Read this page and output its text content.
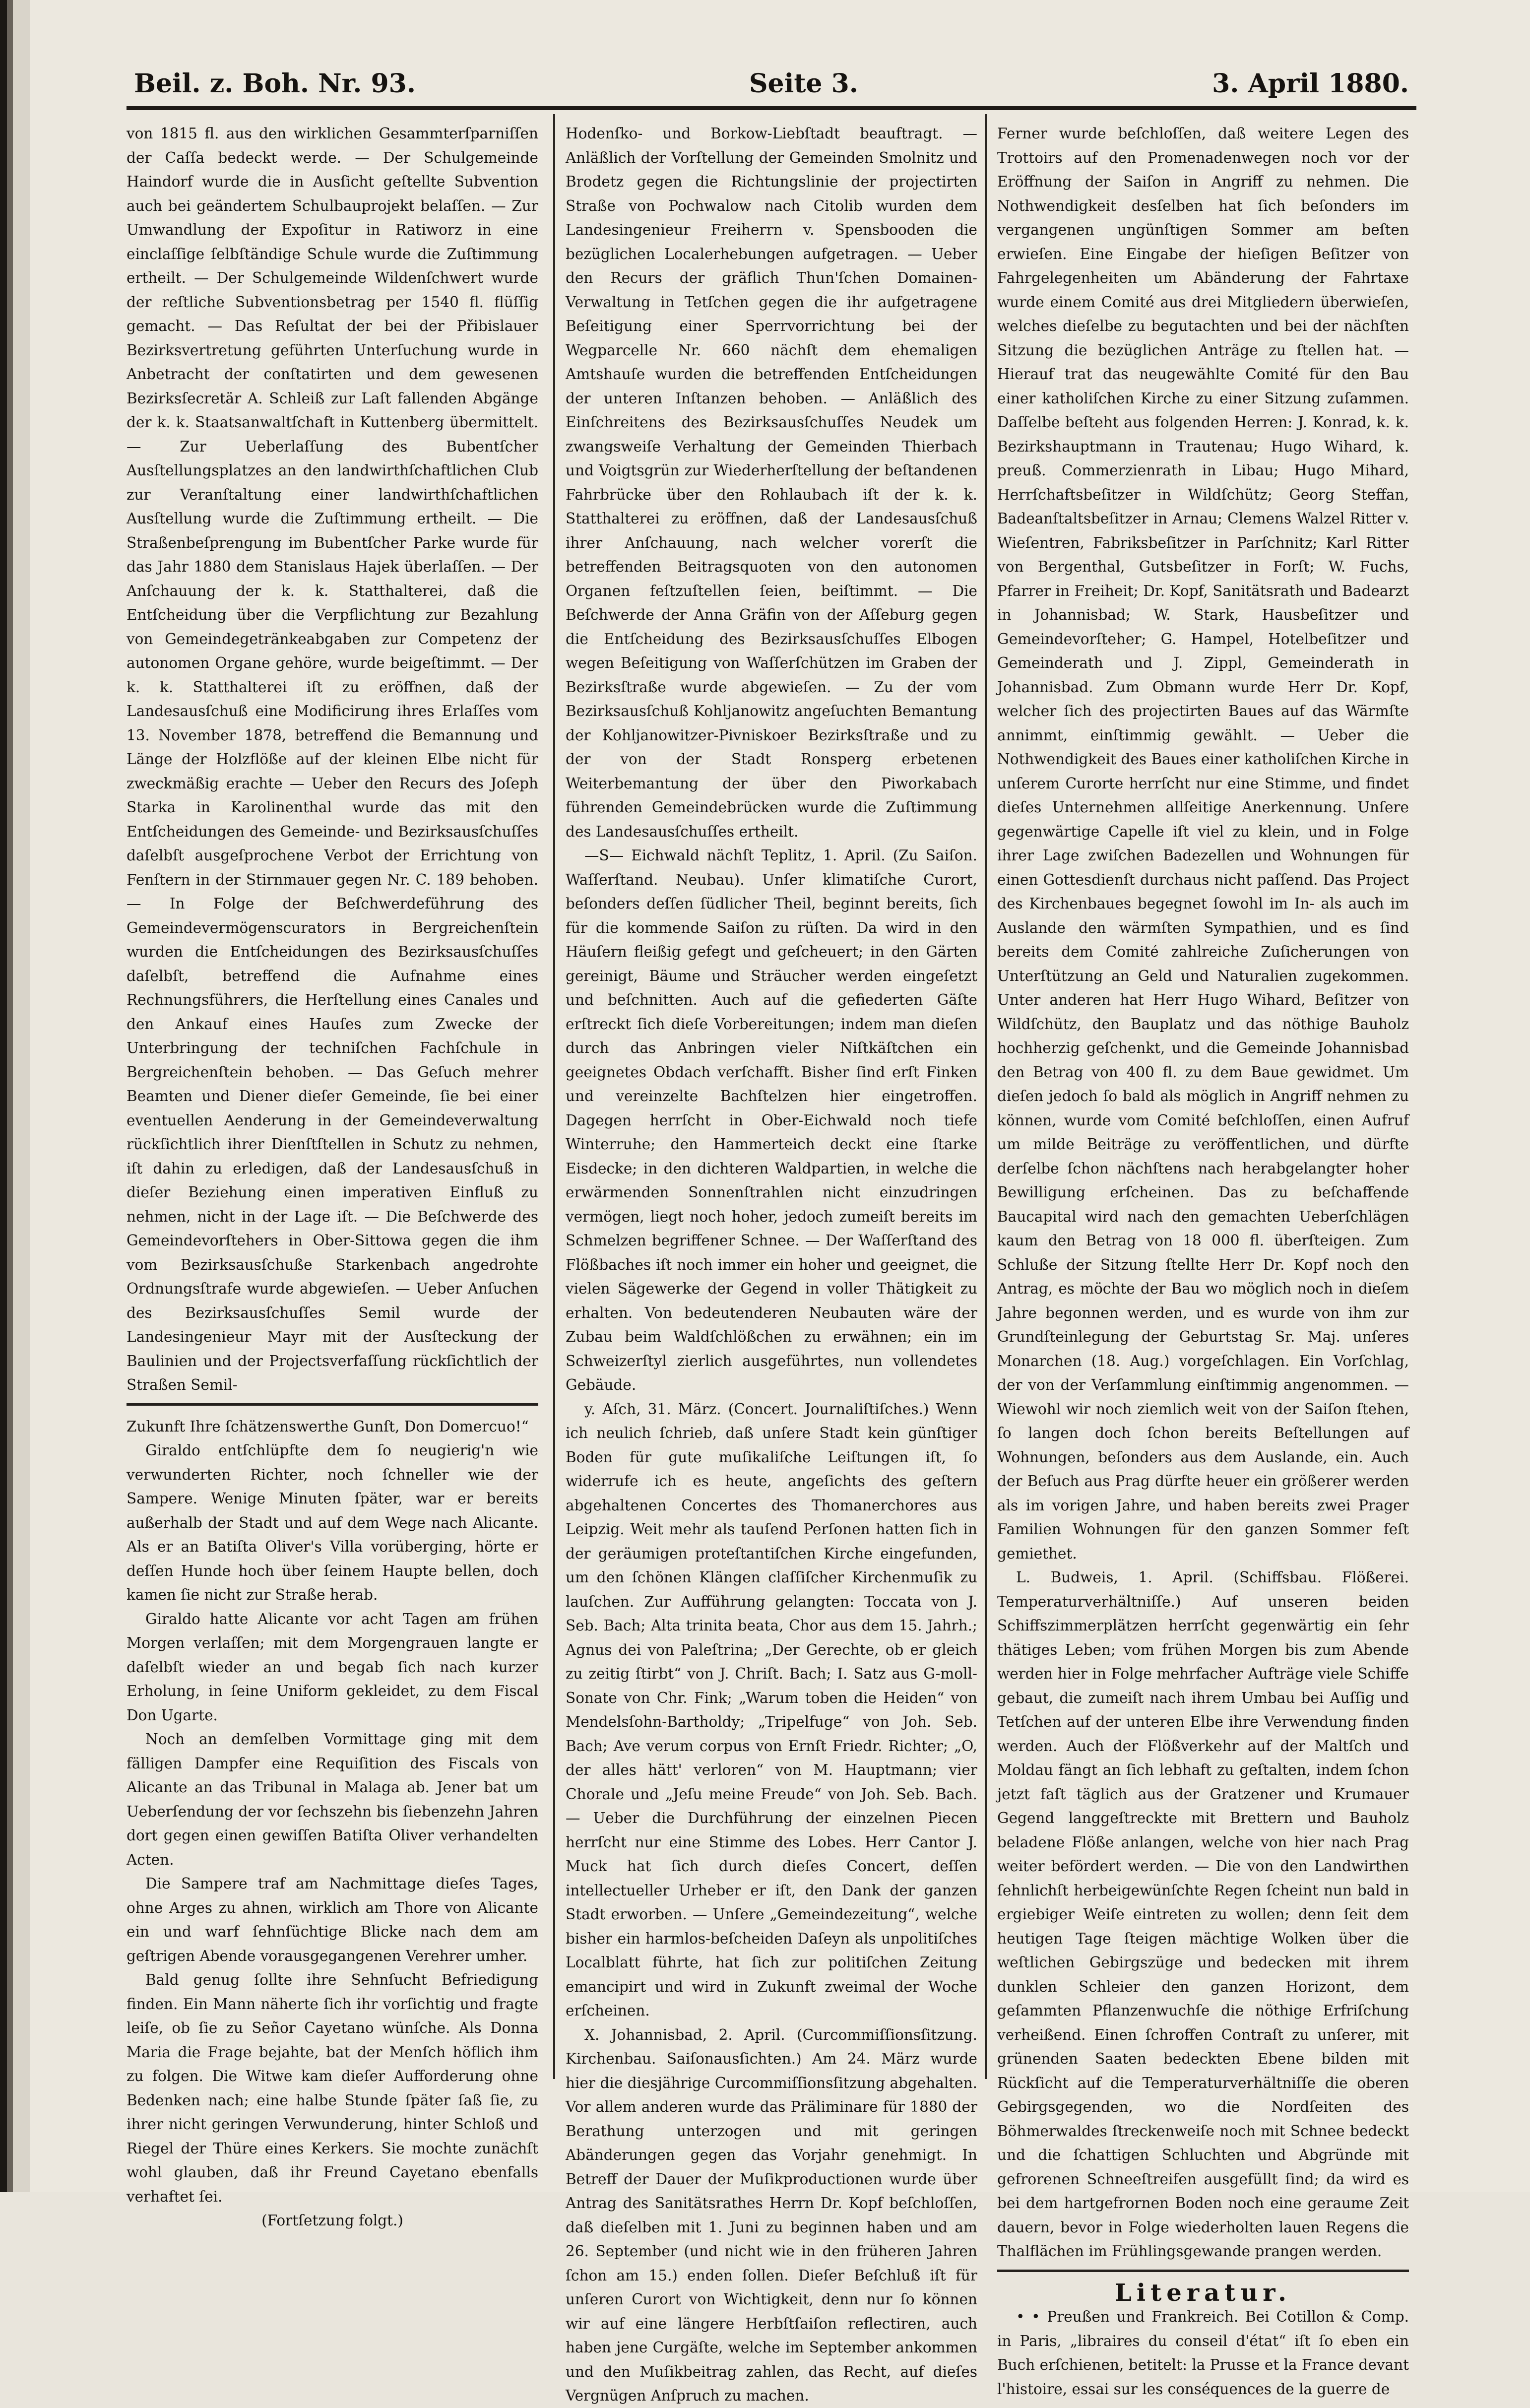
Beil. z. Boh. Nr. 93.	Seite 3.	3. April 1880.

von 1815 fl. aus den wirklichen Gesammterſparniſſen der Caſſa bedeckt werde. — Der Schulgemeinde Haindorf wurde die in Ausſicht geſtellte Subvention auch bei geändertem Schulbauprojekt belaſſen. — Zur Umwandlung der Expoſitur in Ratiworz in eine einclaſſige ſelbſtändige Schule wurde die Zuſtimmung ertheilt. — Der Schulgemeinde Wildenſchwert wurde der reſtliche Subventionsbetrag per 1540 fl. flüſſig gemacht. — Das Reſultat der bei der Přibislauer Bezirksvertretung geführten Unterſuchung wurde in Anbetracht der conſtatirten und dem gewesenen Bezirksſecretär A. Schleiß zur Laſt fallenden Abgänge der k. k. Staatsanwaltſchaft in Kuttenberg übermittelt. — Zur Ueberlaſſung des Bubentſcher Ausſtellungsplatzes an den landwirthſchaftlichen Club zur Veranſtaltung einer landwirthſchaftlichen Ausſtellung wurde die Zuſtimmung ertheilt. — Die Straßenbeſprengung im Bubentſcher Parke wurde für das Jahr 1880 dem Stanislaus Hajek überlaſſen. — Der Anſchauung der k. k. Statthalterei, daß die Entſcheidung über die Verpflichtung zur Bezahlung von Gemeindegetränkeabgaben zur Competenz der autonomen Organe gehöre, wurde beigeſtimmt. — Der k. k. Statthalterei iſt zu eröffnen, daß der Landesausſchuß eine Modificirung ihres Erlaſſes vom 13. November 1878, betreffend die Bemannung und Länge der Holzflöße auf der kleinen Elbe nicht für zweckmäßig erachte — Ueber den Recurs des Joſeph Starka in Karolinenthal wurde das mit den Entſcheidungen des Gemeinde- und Bezirksausſchuſſes daſelbſt ausgeſprochene Verbot der Errichtung von Fenſtern in der Stirnmauer gegen Nr. C. 189 behoben. — In Folge der Beſchwerdeführung des Gemeindevermögenscurators in Bergreichenſtein wurden die Entſcheidungen des Bezirksausſchuſſes daſelbſt, betreffend die Aufnahme eines Rechnungsführers, die Herſtellung eines Canales und den Ankauf eines Hauſes zum Zwecke der Unterbringung der techniſchen Fachſchule in Bergreichenſtein behoben. — Das Geſuch mehrer Beamten und Diener dieſer Gemeinde, ſie bei einer eventuellen Aenderung in der Gemeindeverwaltung rückſichtlich ihrer Dienſtſtellen in Schutz zu nehmen, iſt dahin zu erledigen, daß der Landesausſchuß in dieſer Beziehung einen imperativen Einfluß zu nehmen, nicht in der Lage iſt. — Die Beſchwerde des Gemeindevorſtehers in Ober-Sittowa gegen die ihm vom Bezirksausſchuße Starkenbach angedrohte Ordnungsſtrafe wurde abgewieſen. — Ueber Anſuchen des Bezirksausſchuſſes Semil wurde der Landesingenieur Mayr mit der Ausſteckung der Baulinien und der Projectsverfaſſung rückſichtlich der Straßen Semil-

Zukunft Ihre ſchätzenswerthe Gunſt, Don Domercuo!“

Giraldo entſchlüpfte dem ſo neugierig'n wie verwunderten Richter, noch ſchneller wie der Sampere. Wenige Minuten ſpäter, war er bereits außerhalb der Stadt und auf dem Wege nach Alicante. Als er an Batiſta Oliver's Villa vorüberging, hörte er deſſen Hunde hoch über ſeinem Haupte bellen, doch kamen ſie nicht zur Straße herab.

Giraldo hatte Alicante vor acht Tagen am frühen Morgen verlaſſen; mit dem Morgengrauen langte er daſelbſt wieder an und begab ſich nach kurzer Erholung, in ſeine Uniform gekleidet, zu dem Fiscal Don Ugarte.

Noch an demſelben Vormittage ging mit dem fälligen Dampfer eine Requiſition des Fiscals von Alicante an das Tribunal in Malaga ab. Jener bat um Ueberſendung der vor ſechszehn bis ſiebenzehn Jahren dort gegen einen gewiſſen Batiſta Oliver verhandelten Acten.

Die Sampere traf am Nachmittage dieſes Tages, ohne Arges zu ahnen, wirklich am Thore von Alicante ein und warf ſehnſüchtige Blicke nach dem am geſtrigen Abende vorausgegangenen Verehrer umher.

Bald genug ſollte ihre Sehnſucht Befriedigung finden. Ein Mann näherte ſich ihr vorſichtig und fragte leiſe, ob ſie zu Señor Cayetano wünſche. Als Donna Maria die Frage bejahte, bat der Menſch höflich ihm zu folgen. Die Witwe kam dieſer Aufforderung ohne Bedenken nach; eine halbe Stunde ſpäter ſaß ſie, zu ihrer nicht geringen Verwunderung, hinter Schloß und Riegel der Thüre eines Kerkers. Sie mochte zunächſt wohl glauben, daß ihr Freund Cayetano ebenfalls verhaftet ſei.

(Fortſetzung folgt.)

Hodenſko- und Borkow-Liebſtadt beauftragt. — Anläßlich der Vorſtellung der Gemeinden Smolnitz und Brodetz gegen die Richtungslinie der projectirten Straße von Pochwalow nach Citolib wurden dem Landesingenieur Freiherrn v. Spensbooden die bezüglichen Localerhebungen aufgetragen. — Ueber den Recurs der gräflich Thun'ſchen Domainen-Verwaltung in Tetſchen gegen die ihr aufgetragene Beſeitigung einer Sperrvorrichtung bei der Wegparcelle Nr. 660 nächſt dem ehemaligen Amtshauſe wurden die betreffenden Entſcheidungen der unteren Inſtanzen behoben. — Anläßlich des Einſchreitens des Bezirksausſchuſſes Neudek um zwangsweiſe Verhaltung der Gemeinden Thierbach und Voigtsgrün zur Wiederherſtellung der beſtandenen Fahrbrücke über den Rohlaubach iſt der k. k. Statthalterei zu eröffnen, daß der Landesausſchuß ihrer Anſchauung, nach welcher vorerſt die betreffenden Beitragsquoten von den autonomen Organen feſtzuſtellen ſeien, beiſtimmt. — Die Beſchwerde der Anna Gräfin von der Aſſeburg gegen die Entſcheidung des Bezirksausſchuſſes Elbogen wegen Beſeitigung von Waſſerſchützen im Graben der Bezirksſtraße wurde abgewieſen. — Zu der vom Bezirksausſchuß Kohljanowitz angeſuchten Bemantung der Kohljanowitzer-Pivniskoer Bezirksſtraße und zu der von der Stadt Ronsperg erbetenen Weiterbemantung der über den Piworkabach führenden Gemeindebrücken wurde die Zuſtimmung des Landesausſchuſſes ertheilt.

—S— Eichwald nächſt Teplitz, 1. April. (Zu Saiſon. Waſſerſtand. Neubau). Unſer klimatiſche Curort, beſonders deſſen ſüdlicher Theil, beginnt bereits, ſich für die kommende Saiſon zu rüſten. Da wird in den Häuſern fleißig gefegt und geſcheuert; in den Gärten gereinigt, Bäume und Sträucher werden eingeſetzt und beſchnitten. Auch auf die gefiederten Gäſte erſtreckt ſich dieſe Vorbereitungen; indem man dieſen durch das Anbringen vieler Niſtkäſtchen ein geeignetes Obdach verſchafft. Bisher ſind erſt Finken und vereinzelte Bachſtelzen hier eingetroffen. Dagegen herrſcht in Ober-Eichwald noch tiefe Winterruhe; den Hammerteich deckt eine ſtarke Eisdecke; in den dichteren Waldpartien, in welche die erwärmenden Sonnenſtrahlen nicht einzudringen vermögen, liegt noch hoher, jedoch zumeiſt bereits im Schmelzen begriffener Schnee. — Der Waſſerſtand des Flößbaches iſt noch immer ein hoher und geeignet, die vielen Sägewerke der Gegend in voller Thätigkeit zu erhalten. Von bedeutenderen Neubauten wäre der Zubau beim Waldſchlößchen zu erwähnen; ein im Schweizerſtyl zierlich ausgeführtes, nun vollendetes Gebäude.

y. Aſch, 31. März. (Concert. Journaliſtiſches.) Wenn ich neulich ſchrieb, daß unſere Stadt kein günſtiger Boden für gute muſikaliſche Leiſtungen iſt, ſo widerrufe ich es heute, angeſichts des geſtern abgehaltenen Concertes des Thomanerchores aus Leipzig. Weit mehr als tauſend Perſonen hatten ſich in der geräumigen proteſtantiſchen Kirche eingefunden, um den ſchönen Klängen claſſiſcher Kirchenmuſik zu lauſchen. Zur Aufführung gelangten: Toccata von J. Seb. Bach; Alta trinita beata, Chor aus dem 15. Jahrh.; Agnus dei von Paleſtrina; „Der Gerechte, ob er gleich zu zeitig ſtirbt“ von J. Chriſt. Bach; I. Satz aus G-moll-Sonate von Chr. Fink; „Warum toben die Heiden“ von Mendelsſohn-Bartholdy; „Tripelfuge“ von Joh. Seb. Bach; Ave verum corpus von Ernſt Friedr. Richter; „O, der alles hätt' verloren“ von M. Hauptmann; vier Chorale und „Jeſu meine Freude“ von Joh. Seb. Bach. — Ueber die Durchführung der einzelnen Piecen herrſcht nur eine Stimme des Lobes. Herr Cantor J. Muck hat ſich durch dieſes Concert, deſſen intellectueller Urheber er iſt, den Dank der ganzen Stadt erworben. — Unſere „Gemeindezeitung“, welche bisher ein harmlos-beſcheiden Daſeyn als unpolitiſches Localblatt führte, hat ſich zur politiſchen Zeitung emancipirt und wird in Zukunft zweimal der Woche erſcheinen.

X. Johannisbad, 2. April. (Curcommiſſionsſitzung. Kirchenbau. Saiſonausſichten.) Am 24. März wurde hier die diesjährige Curcommiſſionsſitzung abgehalten. Vor allem anderen wurde das Präliminare für 1880 der Berathung unterzogen und mit geringen Abänderungen gegen das Vorjahr genehmigt. In Betreff der Dauer der Muſikproductionen wurde über Antrag des Sanitätsrathes Herrn Dr. Kopf beſchloſſen, daß dieſelben mit 1. Juni zu beginnen haben und am 26. September (und nicht wie in den früheren Jahren ſchon am 15.) enden ſollen. Dieſer Beſchluß iſt für unſeren Curort von Wichtigkeit, denn nur ſo können wir auf eine längere Herbſtſaiſon reflectiren, auch haben jene Curgäſte, welche im September ankommen und den Muſikbeitrag zahlen, das Recht, auf dieſes Vergnügen Anſpruch zu machen.

Ferner wurde beſchloſſen, daß weitere Legen des Trottoirs auf den Promenadenwegen noch vor der Eröffnung der Saiſon in Angriff zu nehmen. Die Nothwendigkeit desſelben hat ſich beſonders im vergangenen ungünſtigen Sommer am beſten erwieſen. Eine Eingabe der hieſigen Beſitzer von Fahrgelegenheiten um Abänderung der Fahrtaxe wurde einem Comité aus drei Mitgliedern überwieſen, welches dieſelbe zu begutachten und bei der nächſten Sitzung die bezüglichen Anträge zu ſtellen hat. — Hierauf trat das neugewählte Comité für den Bau einer katholiſchen Kirche zu einer Sitzung zuſammen. Daſſelbe beſteht aus folgenden Herren: J. Konrad, k. k. Bezirkshauptmann in Trautenau; Hugo Wihard, k. preuß. Commerzienrath in Libau; Hugo Mihard, Herrſchaftsbeſitzer in Wildſchütz; Georg Steffan, Badeanſtaltsbeſitzer in Arnau; Clemens Walzel Ritter v. Wieſentren, Fabriksbeſitzer in Parſchnitz; Karl Ritter von Bergenthal, Gutsbeſitzer in Forſt; W. Fuchs, Pfarrer in Freiheit; Dr. Kopf, Sanitätsrath und Badearzt in Johannisbad; W. Stark, Hausbeſitzer und Gemeindevorſteher; G. Hampel, Hotelbeſitzer und Gemeinderath und J. Zippl, Gemeinderath in Johannisbad. Zum Obmann wurde Herr Dr. Kopf, welcher ſich des projectirten Baues auf das Wärmſte annimmt, einſtimmig gewählt. — Ueber die Nothwendigkeit des Baues einer katholiſchen Kirche in unſerem Curorte herrſcht nur eine Stimme, und findet dieſes Unternehmen allſeitige Anerkennung. Unſere gegenwärtige Capelle iſt viel zu klein, und in Folge ihrer Lage zwiſchen Badezellen und Wohnungen für einen Gottesdienſt durchaus nicht paſſend. Das Project des Kirchenbaues begegnet ſowohl im In- als auch im Auslande den wärmſten Sympathien, und es ſind bereits dem Comité zahlreiche Zuſicherungen von Unterſtützung an Geld und Naturalien zugekommen. Unter anderen hat Herr Hugo Wihard, Beſitzer von Wildſchütz, den Bauplatz und das nöthige Bauholz hochherzig geſchenkt, und die Gemeinde Johannisbad den Betrag von 400 fl. zu dem Baue gewidmet. Um dieſen jedoch ſo bald als möglich in Angriff nehmen zu können, wurde vom Comité beſchloſſen, einen Aufruf um milde Beiträge zu veröffentlichen, und dürfte derſelbe ſchon nächſtens nach herabgelangter hoher Bewilligung erſcheinen. Das zu beſchaffende Baucapital wird nach den gemachten Ueberſchlägen kaum den Betrag von 18 000 fl. überſteigen. Zum Schluße der Sitzung ſtellte Herr Dr. Kopf noch den Antrag, es möchte der Bau wo möglich noch in dieſem Jahre begonnen werden, und es wurde von ihm zur Grundſteinlegung der Geburtstag Sr. Maj. unſeres Monarchen (18. Aug.) vorgeſchlagen. Ein Vorſchlag, der von der Verſammlung einſtimmig angenommen. — Wiewohl wir noch ziemlich weit von der Saiſon ſtehen, ſo langen doch ſchon bereits Beſtellungen auf Wohnungen, beſonders aus dem Auslande, ein. Auch der Beſuch aus Prag dürfte heuer ein größerer werden als im vorigen Jahre, und haben bereits zwei Prager Familien Wohnungen für den ganzen Sommer feſt gemiethet.

L. Budweis, 1. April. (Schiffsbau. Flößerei. Temperaturverhältniſſe.) Auf unseren beiden Schiffszimmerplätzen herrſcht gegenwärtig ein ſehr thätiges Leben; vom frühen Morgen bis zum Abende werden hier in Folge mehrfacher Aufträge viele Schiffe gebaut, die zumeiſt nach ihrem Umbau bei Auſſig und Tetſchen auf der unteren Elbe ihre Verwendung finden werden. Auch der Flößverkehr auf der Maltſch und Moldau fängt an ſich lebhaft zu geſtalten, indem ſchon jetzt faſt täglich aus der Gratzener und Krumauer Gegend langgeſtreckte mit Brettern und Bauholz beladene Flöße anlangen, welche von hier nach Prag weiter befördert werden. — Die von den Landwirthen ſehnlichſt herbeigewünſchte Regen ſcheint nun bald in ergiebiger Weiſe eintreten zu wollen; denn ſeit dem heutigen Tage ſteigen mächtige Wolken über die weſtlichen Gebirgszüge und bedecken mit ihrem dunklen Schleier den ganzen Horizont, dem geſammten Pflanzenwuchſe die nöthige Erfriſchung verheißend. Einen ſchroffen Contraſt zu unſerer, mit grünenden Saaten bedeckten Ebene bilden mit Rückſicht auf die Temperaturverhältniſſe die oberen Gebirgsgegenden, wo die Nordſeiten des Böhmerwaldes ſtreckenweiſe noch mit Schnee bedeckt und die ſchattigen Schluchten und Abgründe mit gefrorenen Schneeſtreifen ausgefüllt ſind; da wird es bei dem hartgefrornen Boden noch eine geraume Zeit dauern, bevor in Folge wiederholten lauen Regens die Thalflächen im Frühlingsgewande prangen werden.

Literatur.

• • Preußen und Frankreich. Bei Cotillon & Comp. in Paris, „libraires du conseil d'état“ iſt ſo eben ein Buch erſchienen, betitelt: la Prusse et la France devant l'histoire, essai sur les conséquences de la guerre de
